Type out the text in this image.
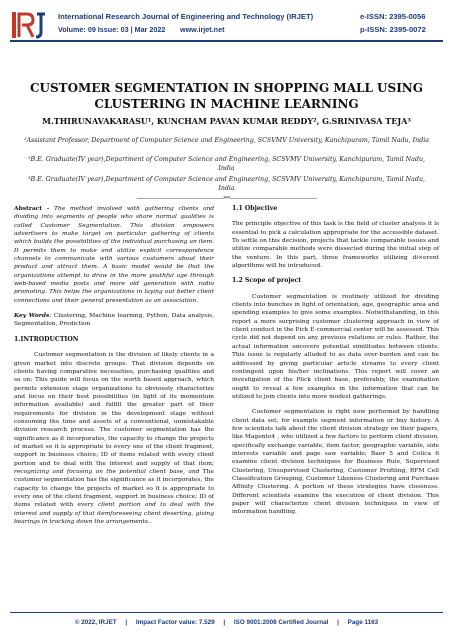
International Research Journal of Engineering and Technology (IRJET)
Volume: 09 Issue: 03 | Mar 2022 www.irjet.net
e-ISSN: 2395-0056
p-ISSN: 2395-0072
CUSTOMER SEGMENTATION IN SHOPPING MALL USING CLUSTERING IN MACHINE LEARNING
M.THIRUNAVAKARASU¹, KUNCHAM PAVAN KUMAR REDDY², G.SRINIVASA TEJA³
¹Assistant Professor, Department of Computer Science and Engineering, SCSVMV University, Kanchipuram, Tamil Nadu, India
²B.E. Graduate(IV year),Department of Computer Science and Engineering, SCSVMV University, Kanchipuram, Tamil Nadu, India
³B.E. Graduate(IV year),Department of Computer Science and Engineering, SCSVMV University, Kanchipuram, Tamil Nadu, India
---------------------------------------------------------------------***---------------------------------------------------------------------

Abstract - The method involved with gathering clients and dividing into segments of people who share normal qualities is called Customer Segmentation. This division empowers advertisers to make target on particular gathering of clients which builds the possibilities of the individual purchasing an item. It permits them to make and utilize explicit correspondence channels to communicate with various customers about their product and attract them. A basic model would be that the organizations attempt to draw in the more youthful age through web-based media posts and more old generation with radio promoting. This helps the organizations in laying out better client connections and their general presentation as an association.

Key Words: Clustering, Machine learning, Python, Data analysis, Segmentation, Prediction

1.INTRODUCTION

Customer segmentation is the division of likely clients in a given market into discrete groups. That division depends on clients having comparative necessities, purchasing qualities and so on; This guide will focus on the worth based approach, which permits extension stage organizations to obviously characterize and focus on their best possibilities (in light of its momentum information available) and fulfill the greater part of their requirements for division in the development stage without consuming the time and assets of a conventional, unmistakable division research process. The customer segmentation has the significance as it incorporates, the capacity to change the projects of market so it is appropriate to every one of the client fragment, support in business choice; ID of items related with every client portion and to deal with the interest and supply of that item; recognizing and focusing on the potential client base, and The customer segmentation has the significance as it incorporates, the capacity to change the projects of market so it is appropriate to every one of the client fragment, support in business choice; ID of items related with every client portion and to deal with the interest and supply of that itemforeseeing client deserting, giving bearings in tracking down the arrangements..

1.1 Objective

The principle objective of this task is the field of cluster analysis it is essential to pick a calculation appropriate for the accessible dataset. To settle on this decision, projects that tackle comparable issues and utilize comparable methods were dissected during the initial step of the venture. In this part, three frameworks utilizing di×erent algorithms will be introduced.

1.2 Scope of project

Customer segmentation is routinely utilized for dividing clients into bunches in light of orientation, age, geographic area and spending examples to give some examples. Notwithstanding, in this report a more surprising customer clustering approach in view of client conduct in the Pick E-commercial center will be assessed. This cycle did not depend on any previous relations or rules. Rather, the actual information uncovers potential similitudes between clients. This issue is regularly alluded to as data over-burden and can be addressed by giving particular article streams to every client contingent upon his/her inclinations. This report will cover an investigation of the Plick client base, preferably, the examination ought to reveal a few examples in the information that can be utilized to join clients into more modest gatherings.

Customer segmentation is right now performed by handling client data set, for example segment information or buy history. A few scientists talk about the client division strategy on their papers, like Magento4 , who utilized a few factors to perform client division, specifically exchange variable, item factor, geographic variable, side interests variable and page saw variable; Baer 5 and Colica 6 examine client division techniques for Business Rule, Supervised Clustering, Unsupervised Clustering, Customer Profiling, RFM Cell Classification Grouping, Customer Likeness Clustering and Purchase Affinity Clustering. A portion of these strategies have closeness. Different scientists examine the execution of client division. This paper will characterize client division techniques in view of information handling.

© 2022, IRJET     |     Impact Factor value: 7.529     |     ISO 9001:2008 Certified Journal     |     Page 1163
